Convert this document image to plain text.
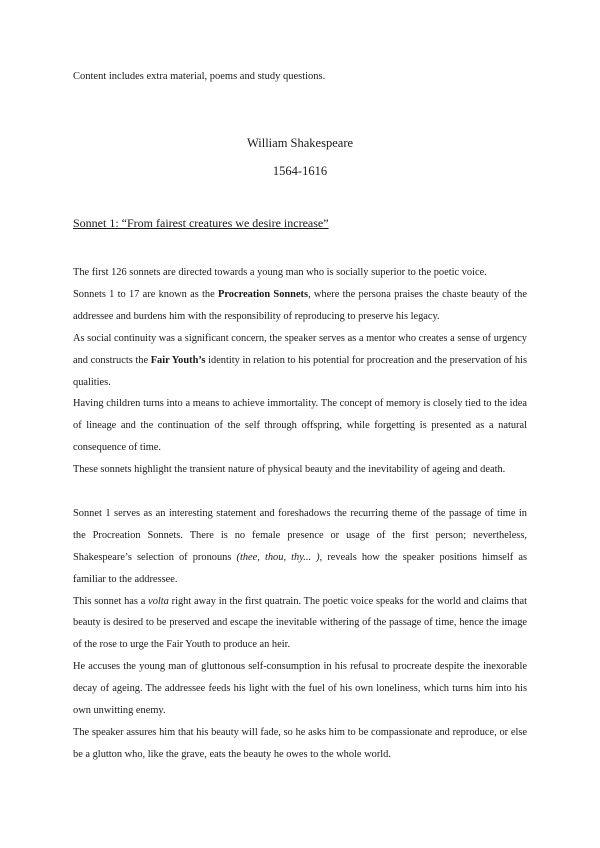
Content includes extra material, poems and study questions.

William Shakespeare

1564-1616

Sonnet 1: “From fairest creatures we desire increase”

The first 126 sonnets are directed towards a young man who is socially superior to the poetic voice.

Sonnets 1 to 17 are known as the Procreation Sonnets, where the persona praises the chaste beauty of the addressee and burdens him with the responsibility of reproducing to preserve his legacy.

As social continuity was a significant concern, the speaker serves as a mentor who creates a sense of urgency and constructs the Fair Youth’s identity in relation to his potential for procreation and the preservation of his qualities.

Having children turns into a means to achieve immortality. The concept of memory is closely tied to the idea of lineage and the continuation of the self through offspring, while forgetting is presented as a natural consequence of time.

These sonnets highlight the transient nature of physical beauty and the inevitability of ageing and death.

Sonnet 1 serves as an interesting statement and foreshadows the recurring theme of the passage of time in the Procreation Sonnets. There is no female presence or usage of the first person; nevertheless, Shakespeare’s selection of pronouns (thee, thou, thy... ), reveals how the speaker positions himself as familiar to the addressee.

This sonnet has a volta right away in the first quatrain. The poetic voice speaks for the world and claims that beauty is desired to be preserved and escape the inevitable withering of the passage of time, hence the image of the rose to urge the Fair Youth to produce an heir.

He accuses the young man of gluttonous self-consumption in his refusal to procreate despite the inexorable decay of ageing. The addressee feeds his light with the fuel of his own loneliness, which turns him into his own unwitting enemy.

The speaker assures him that his beauty will fade, so he asks him to be compassionate and reproduce, or else be a glutton who, like the grave, eats the beauty he owes to the whole world.
